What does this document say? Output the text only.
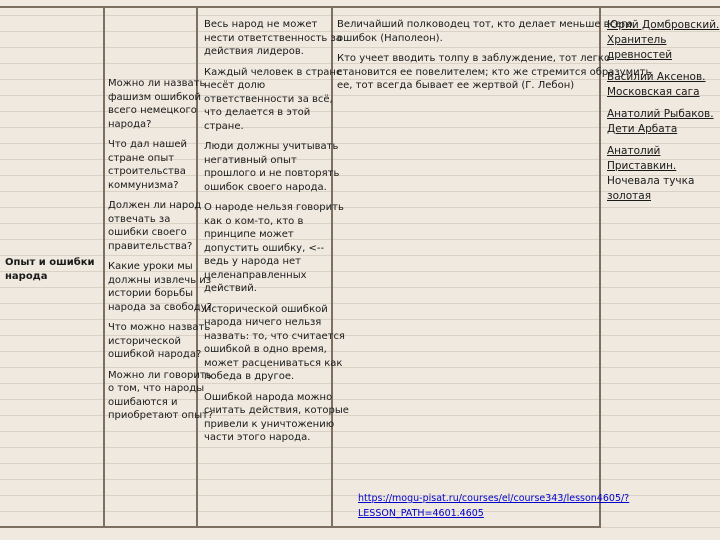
Опыт и ошибки народа
Можно ли назвать
фашизм ошибкой
всего немецкого
народа?
Что дал нашей
стране опыт
строительства
коммунизма?
Должен ли народ
отвечать за
ошибки своего
правительства?
Какие уроки мы
должны извлечь из
истории борьбы
народа за свободу?
Что можно назвать
исторической
ошибкой народа?
Можно ли говорить
о том, что народы
ошибаются и
приобретают опыт?
Весь народ не может
нести ответственность за
действия лидеров.
Каждый человек в стране
несёт долю
ответственности за всё,
что делается в этой
стране.
Люди должны учитывать
негативный опыт
прошлого и не повторять
ошибок своего народа.
О народе нельзя говорить
как о ком-то, кто в
принципе может
допустить ошибку, <--
ведь у народа нет
целенаправленных
действий.
Исторической ошибкой
народа ничего нельзя
назвать: то, что считается
ошибкой в одно время,
может расцениваться как
победа в другое.
Ошибкой народа можно
считать действия, которые
привели к уничтожению
части этого народа.
Величайший полководец тот, кто делает меньше всего
ошибок (Наполеон).
Кто учеет вводить толпу в заблуждение, тот легко
становится ее повелителем; кто же стремится образумить
ее, тот всегда бывает ее жертвой (Г. Лебон)
Юрий Домбровский.
Хранитель
древностей
Василий Аксенов.
Московская сага
Анатолий Рыбаков.
Дети Арбата
Анатолий
Приставкин.
Ночевала тучка
золотая
https://mogu-pisat.ru/courses/el/course343/lesson4605/?
LESSON_PATH=4601.4605
